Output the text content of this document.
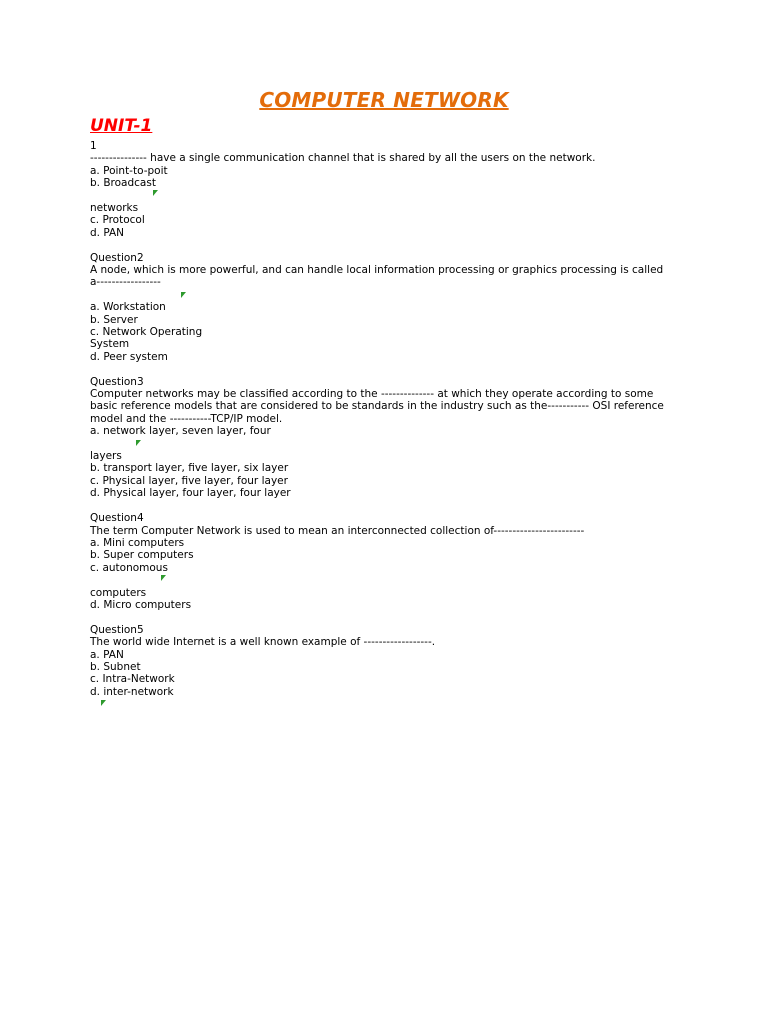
COMPUTER NETWORK
UNIT-1
1
--------------- have a single communication channel that is shared by all the users on the network.
a. Point-to-poit
b. Broadcast
networks
c. Protocol
d. PAN
Question2
A node, which is more powerful, and can handle local information processing or graphics processing is called
a-----------------
a. Workstation
b. Server
c. Network Operating
System
d. Peer system
Question3
Computer networks may be classified according to the -------------- at which they operate according to some
basic reference models that are considered to be standards in the industry such as the----------- OSI reference
model and the -----------TCP/IP model.
a. network layer, seven layer, four
layers
b. transport layer, five layer, six layer
c. Physical layer, five layer, four layer
d. Physical layer, four layer, four layer
Question4
The term Computer Network is used to mean an interconnected collection of------------------------
a. Mini computers
b. Super computers
c. autonomous
computers
d. Micro computers
Question5
The world wide Internet is a well known example of ------------------.
a. PAN
b. Subnet
c. Intra-Network
d. inter-network
